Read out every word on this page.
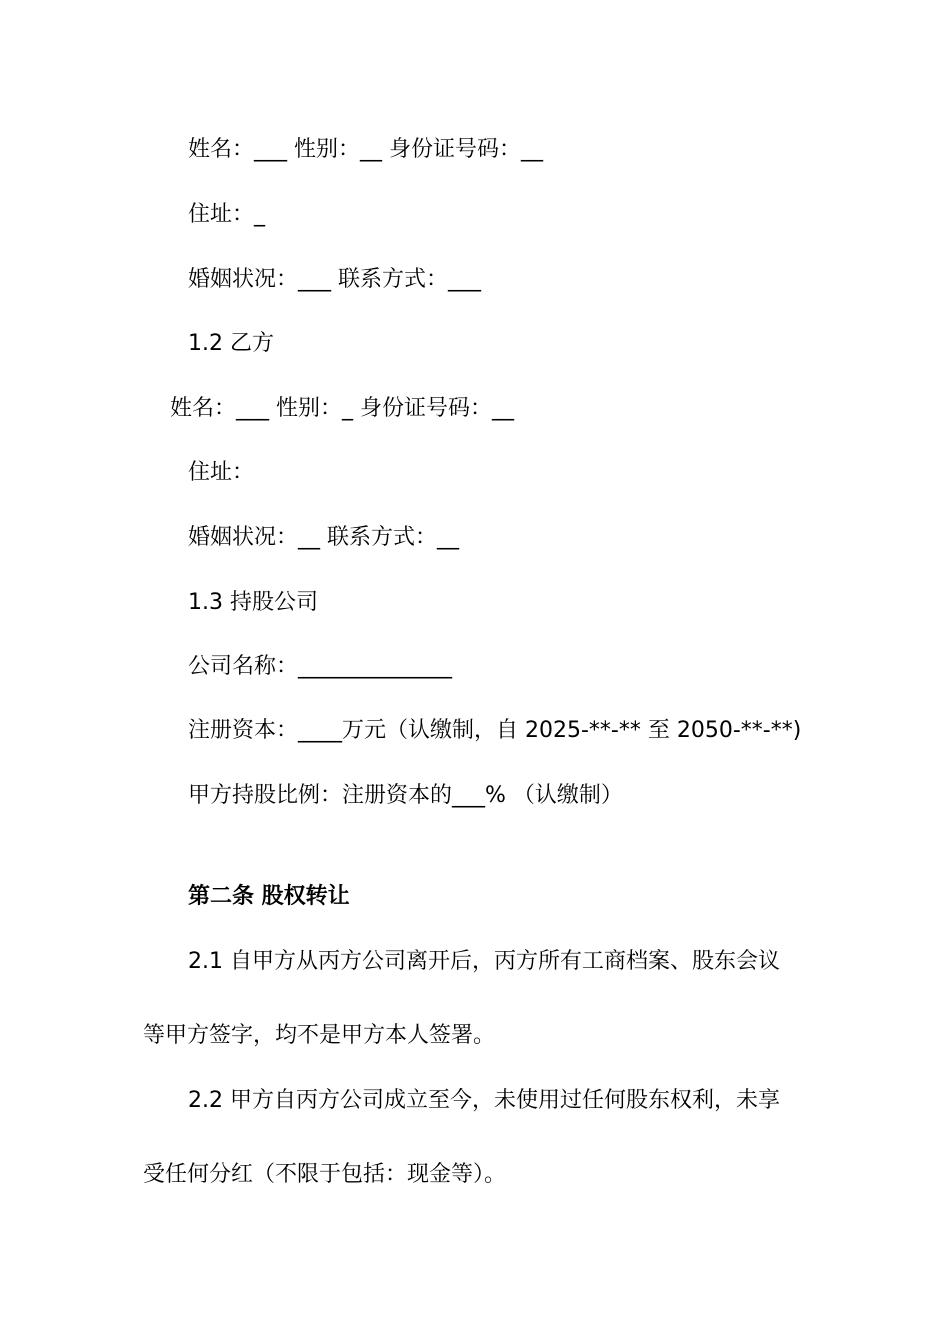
姓名：___ 性别：__ 身份证号码：__
住址：_
婚姻状况：___ 联系方式：___
1.2 乙方
姓名：___ 性别：_ 身份证号码：__
住址：
婚姻状况：__ 联系方式：__
1.3 持股公司
公司名称：______________
注册资本：____万元（认缴制，自 2025-**-** 至 2050-**-**)
甲方持股比例：注册资本的___% （认缴制）
第二条 股权转让
2.1 自甲方从丙方公司离开后，丙方所有工商档案、股东会议
等甲方签字，均不是甲方本人签署。
2.2 甲方自丙方公司成立至今，未使用过任何股东权利，未享
受任何分红（不限于包括：现金等）。
